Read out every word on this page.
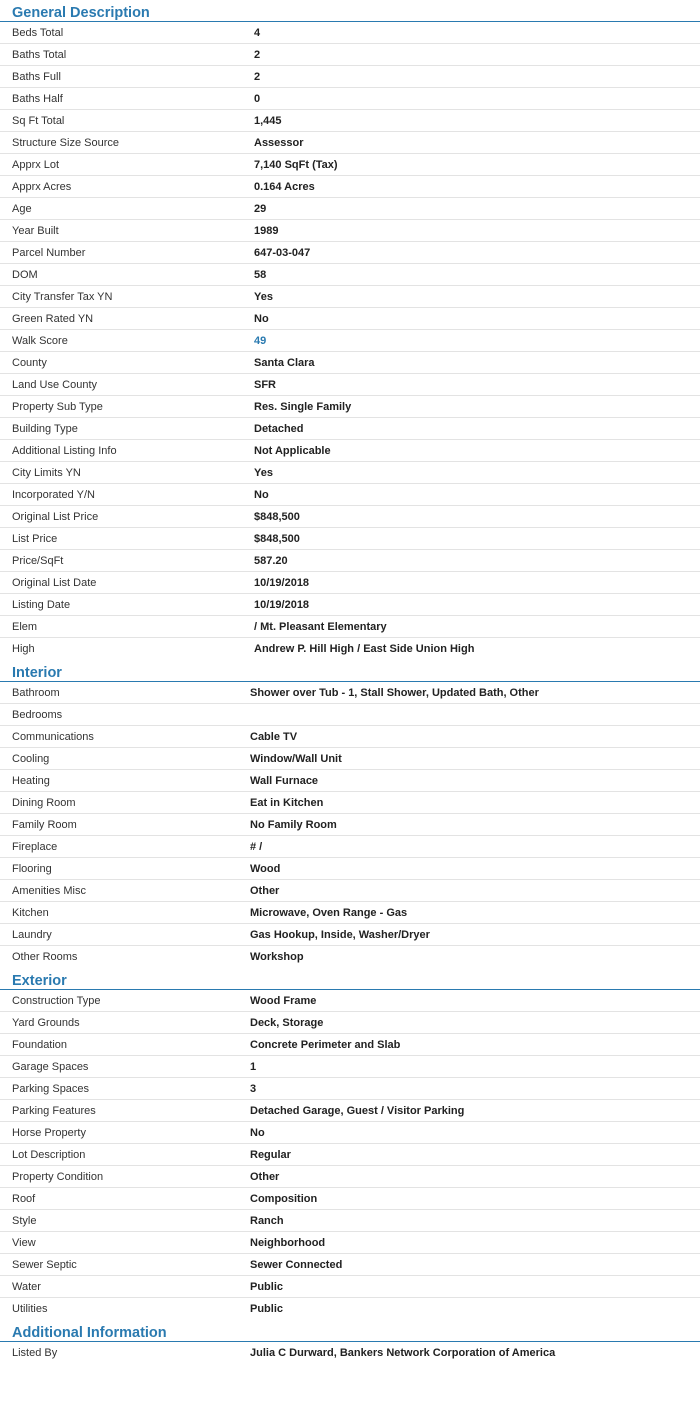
General Description
Beds Total	4
Baths Total	2
Baths Full	2
Baths Half	0
Sq Ft Total	1,445
Structure Size Source	Assessor
Apprx Lot	7,140 SqFt (Tax)
Apprx Acres	0.164 Acres
Age	29
Year Built	1989
Parcel Number	647-03-047
DOM	58
City Transfer Tax YN	Yes
Green Rated YN	No
Walk Score	49
County	Santa Clara
Land Use County	SFR
Property Sub Type	Res. Single Family
Building Type	Detached
Additional Listing Info	Not Applicable
City Limits YN	Yes
Incorporated Y/N	No
Original List Price	$848,500
List Price	$848,500
Price/SqFt	587.20
Original List Date	10/19/2018
Listing Date	10/19/2018
Elem	/ Mt. Pleasant Elementary
High	Andrew P. Hill High / East Side Union High
Interior
Bathroom	Shower over Tub - 1, Stall Shower, Updated Bath, Other
Bedrooms
Communications	Cable TV
Cooling	Window/Wall Unit
Heating	Wall Furnace
Dining Room	Eat in Kitchen
Family Room	No Family Room
Fireplace	# /
Flooring	Wood
Amenities Misc	Other
Kitchen	Microwave, Oven Range - Gas
Laundry	Gas Hookup, Inside, Washer/Dryer
Other Rooms	Workshop
Exterior
Construction Type	Wood Frame
Yard Grounds	Deck, Storage
Foundation	Concrete Perimeter and Slab
Garage Spaces	1
Parking Spaces	3
Parking Features	Detached Garage, Guest / Visitor Parking
Horse Property	No
Lot Description	Regular
Property Condition	Other
Roof	Composition
Style	Ranch
View	Neighborhood
Sewer Septic	Sewer Connected
Water	Public
Utilities	Public
Additional Information
Listed By	Julia C Durward, Bankers Network Corporation of America
